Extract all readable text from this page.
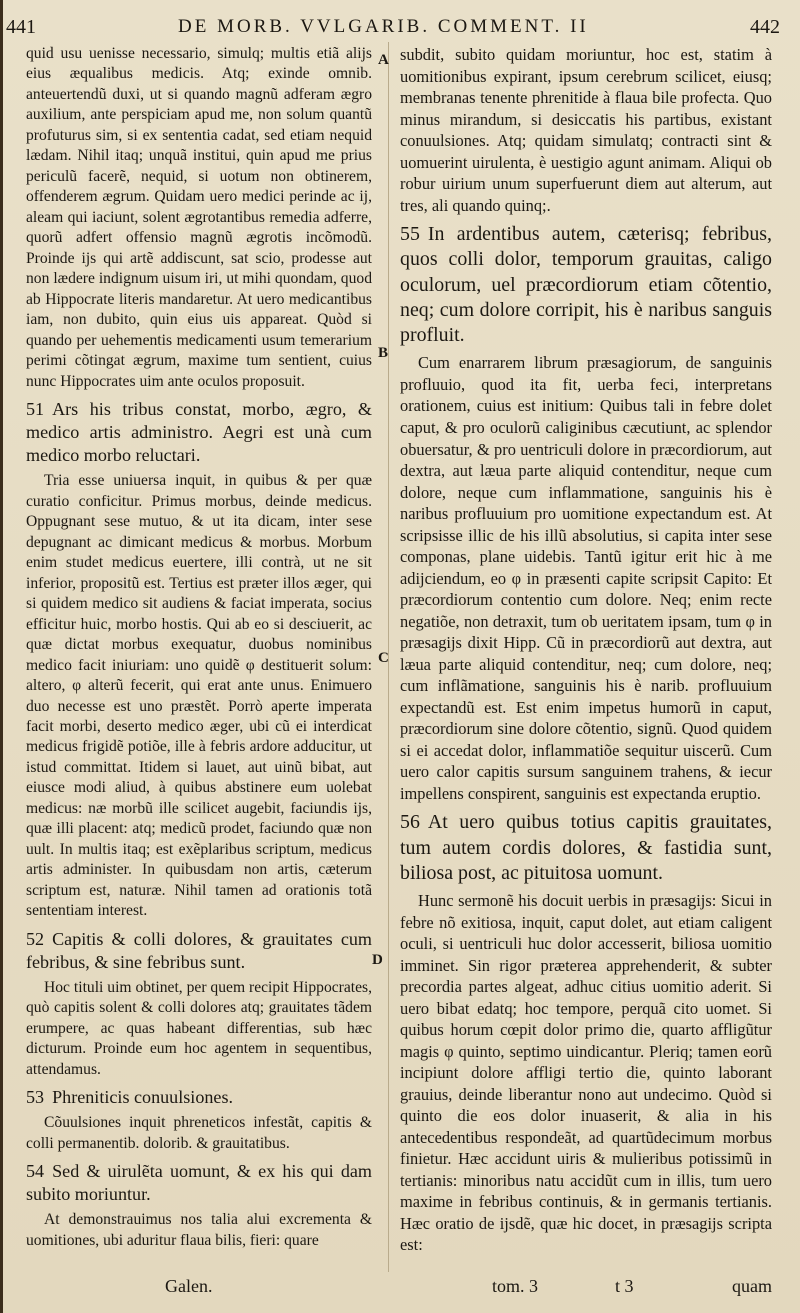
441	DE MORB. VVLGARIB. COMMENT. II	442
A
B
C
D

quid usu uenisse necessario, simulq; multis etiã alijs eius æqualibus medicis. Atq; exinde omnib. anteuertendũ duxi, ut si quando magnũ adferam ægro auxilium, ante perspiciam apud me, non solum quantũ profuturus sim, si ex sententia cadat, sed etiam nequid lædam. Nihil itaq; unquã institui, quin apud me prius periculũ facerẽ, nequid, si uotum non obtinerem, offenderem ægrum. Quidam uero medici perinde ac ij, aleam qui iaciunt, solent ægrotantibus remedia adferre, quorũ adfert offensio magnũ ægrotis incõmodũ. Proinde ijs qui artẽ addiscunt, sat scio, prodesse aut non lædere indignum uisum iri, ut mihi quondam, quod ab Hippocrate literis mandaretur. At uero medicantibus iam, non dubito, quin eius uis appareat. Quòd si quando per uehementis medicamenti usum temerarium perimi cõtingat ægrum, maxime tum sentient, cuius nunc Hippocrates uim ante oculos proposuit.

51 Ars his tribus constat, morbo, ægro, & medico artis administro. Aegri est unà cum medico morbo reluctari.

Tria esse uniuersa inquit, in quibus & per quæ curatio conficitur. Primus morbus, deinde medicus. Oppugnant sese mutuo, & ut ita dicam, inter sese depugnant ac dimicant medicus & morbus. Morbum enim studet medicus euertere, illi contrà, ut ne sit inferior, propositũ est. Tertius est præter illos æger, qui si quidem medico sit audiens & faciat imperata, socius efficitur huic, morbo hostis. Qui ab eo si desciuerit, ac quæ dictat morbus exequatur, duobus nominibus medico facit iniuriam: uno quidẽ φ destituerit solum: altero, φ alterũ fecerit, qui erat ante unus. Enimuero duo necesse est uno præstẽt. Porrò aperte imperata facit morbi, deserto medico æger, ubi cũ ei interdicat medicus frigidẽ potiõe, ille à febris ardore adducitur, ut istud committat. Itidem si lauet, aut uinũ bibat, aut eiusce modi aliud, à quibus abstinere eum uolebat medicus: næ morbũ ille scilicet augebit, faciundis ijs, quæ illi placent: atq; medicũ prodet, faciundo quæ non uult. In multis itaq; est exẽplaribus scriptum, medicus artis administer. In quibusdam non artis, cæterum scriptum est, naturæ. Nihil tamen ad orationis totã sententiam interest.

52 Capitis & colli dolores, & grauitates cum febribus, & sine febribus sunt.

Hoc tituli uim obtinet, per quem recipit Hippocrates, quò capitis solent & colli dolores atq; grauitates tãdem erumpere, ac quas habeant differentias, sub hæc dicturum. Proinde eum hoc agentem in sequentibus, attendamus.

53 Phreniticis conuulsiones.

Cõuulsiones inquit phreneticos infestãt, capitis & colli permanentib. dolorib. & grauitatibus.

54 Sed & uirulẽta uomunt, & ex his qui dam subito moriuntur.

At demonstrauimus nos talia alui excrementa & uomitiones, ubi aduritur flaua bilis, fieri: quare

subdit, subito quidam moriuntur, hoc est, statim à uomitionibus expirant, ipsum cerebrum scilicet, eiusq; membranas tenente phrenitide à flaua bile profecta. Quo minus mirandum, si desiccatis his partibus, existant conuulsiones. Atq; quidam simulatq; contracti sint & uomuerint uirulenta, è uestigio agunt animam. Aliqui ob robur uirium unum superfuerunt diem aut alterum, aut tres, ali quando quinq;.

55 In ardentibus autem, cæterisq; febribus, quos colli dolor, temporum grauitas, caligo oculorum, uel præcordiorum etiam cõtentio, neq; cum dolore corripit, his è naribus sanguis profluit.

Cum enarrarem librum præsagiorum, de sanguinis profluuio, quod ita fit, uerba feci, interpretans orationem, cuius est initium: Quibus tali in febre dolet caput, & pro oculorũ caliginibus cæcutiunt, ac splendor obuersatur, & pro uentriculi dolore in præcordiorum, aut dextra, aut læua parte aliquid contenditur, neque cum dolore, neque cum inflammatione, sanguinis his è naribus profluuium pro uomitione expectandum est. At scripsisse illic de his illũ absolutius, si capita inter sese componas, plane uidebis. Tantũ igitur erit hic à me adijciendum, eo φ in præsenti capite scripsit Capito: Et præcordiorum contentio cum dolore. Neq; enim recte negatiõe, non detraxit, tum ob ueritatem ipsam, tum φ in præsagijs dixit Hipp. Cũ in præcordiorũ aut dextra, aut læua parte aliquid contenditur, neq; cum dolore, neq; cum inflãmatione, sanguinis his è narib. profluuium expectandũ est. Est enim impetus humorũ in caput, præcordiorum sine dolore cõtentio, signũ. Quod quidem si ei accedat dolor, inflammatiõe sequitur uiscerũ. Cum uero calor capitis sursum sanguinem trahens, & iecur impellens conspirent, sanguinis est expectanda eruptio.

56 At uero quibus totius capitis grauitates, tum autem cordis dolores, & fastidia sunt, biliosa post, ac pituitosa uomunt.

Hunc sermonẽ his docuit uerbis in præsagijs: Sicui in febre nõ exitiosa, inquit, caput dolet, aut etiam caligent oculi, si uentriculi huc dolor accesserit, biliosa uomitio imminet. Sin rigor præterea apprehenderit, & subter precordia partes algeat, adhuc citius uomitio aderit. Si uero bibat edatq; hoc tempore, perquã cito uomet. Si quibus horum cœpit dolor primo die, quarto affligũtur magis φ quinto, septimo uindicantur. Pleriq; tamen eorũ incipiunt dolore affligi tertio die, quinto laborant grauius, deinde liberantur nono aut undecimo. Quòd si quinto die eos dolor inuaserit, & alia in his antecedentibus respondeãt, ad quartũdecimum morbus finietur. Hæc accidunt uiris & mulieribus potissimũ in tertianis: minoribus natu accidũt cum in illis, tum uero maxime in febribus continuis, & in germanis tertianis. Hæc oratio de ijsdẽ, quæ hic docet, in præsagijs scripta est:

Galen.	tom. 3	t 3	quam
